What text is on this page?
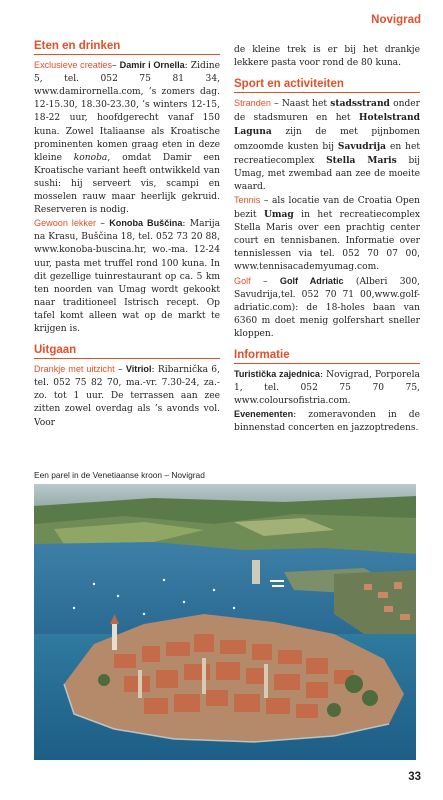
Novigrad
Eten en drinken

Exclusieve creaties– Damir i Ornella: Zidine 5, tel. 052 75 81 34, www.damirornella.com, ’s zomers dag. 12-15.30, 18.30-23.30, ’s winters 12-15, 18-22 uur, hoofdgerecht vanaf 150 kuna. Zowel Italiaanse als Kroatische prominenten komen graag eten in deze kleine konoba, omdat Damir een Kroatische variant heeft ontwikkeld van sushi: hij serveert vis, scampi en mosselen rauw maar heerlijk gekruid. Reserveren is nodig.

Gewoon lekker – Konoba Buščina: Marija na Krasu, Buščina 18, tel. 052 73 20 88, www.konoba-buscina.hr, wo.-ma. 12-24 uur, pasta met truffel rond 100 kuna. In dit gezellige tuinrestaurant op ca. 5 km ten noorden van Umag wordt gekookt naar traditioneel Istrisch recept. Op tafel komt alleen wat op de markt te krijgen is.

Uitgaan

Drankje met uitzicht – Vitriol: Ribarnička 6, tel. 052 75 82 70, ma.-vr. 7.30-24, za.-zo. tot 1 uur. De terrassen aan zee zitten zowel overdag als ’s avonds vol. Voor

de kleine trek is er bij het drankje lekkere pasta voor rond de 80 kuna.

Sport en activiteiten

Stranden – Naast het stadsstrand onder de stadsmuren en het Hotelstrand Laguna zijn de met pijnbomen omzoomde kusten bij Savudrija en het recreatiecomplex Stella Maris bij Umag, met zwembad aan zee de moeite waard.

Tennis – als locatie van de Croatia Open bezit Umag in het recreatiecomplex Stella Maris over een prachtig center court en tennisbanen. Informatie over tennislessen via tel. 052 70 07 00, www.tennisacademyumag.com.

Golf – Golf Adriatic (Alberi 300, Savudrija,tel. 052 70 71 00,www.golf-adriatic.com): de 18-holes baan van 6360 m doet menig golfershart sneller kloppen.

Informatie

Turistička zajednica: Novigrad, Porporela 1, tel. 052 75 70 75, www.coloursofistria.com.

Evenementen: zomeravonden in de binnenstad concerten en jazzoptredens.

Een parel in de Venetiaanse kroon – Novigrad
33
